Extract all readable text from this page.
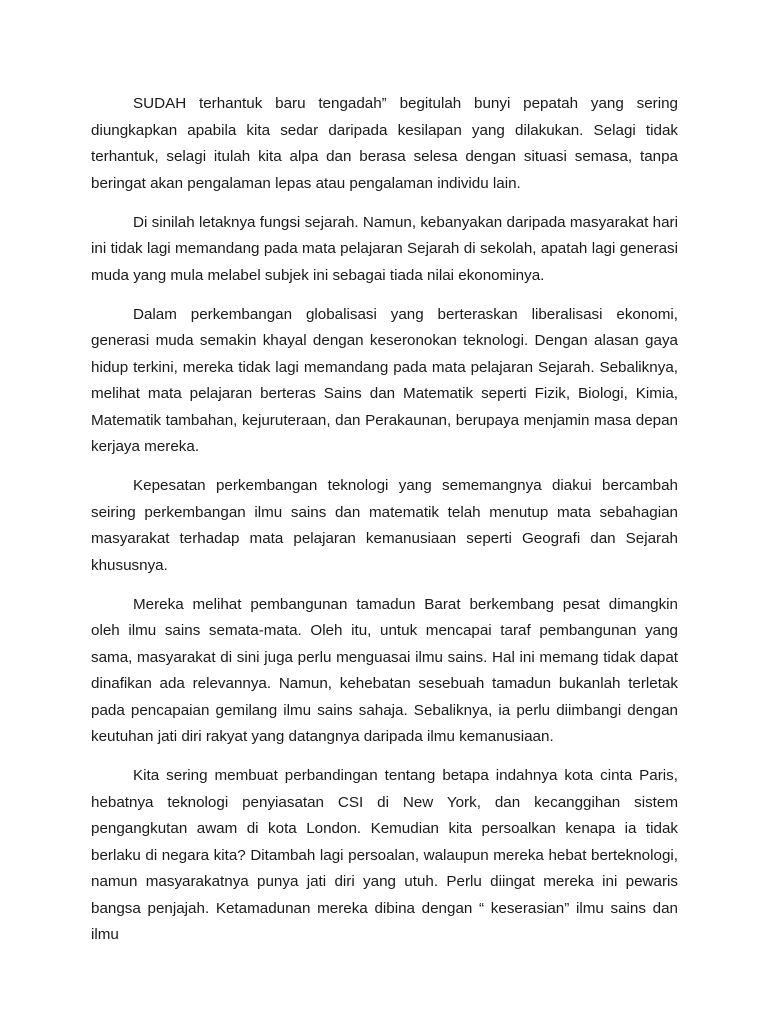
SUDAH terhantuk baru tengadah” begitulah bunyi pepatah yang sering diungkapkan apabila kita sedar daripada kesilapan yang dilakukan. Selagi tidak terhantuk, selagi itulah kita alpa dan berasa selesa dengan situasi semasa, tanpa beringat akan pengalaman lepas atau pengalaman individu lain.

Di sinilah letaknya fungsi sejarah. Namun, kebanyakan daripada masyarakat hari ini tidak lagi memandang pada mata pelajaran Sejarah di sekolah, apatah lagi generasi muda yang mula melabel subjek ini sebagai tiada nilai ekonominya.

Dalam perkembangan globalisasi yang berteraskan liberalisasi ekonomi, generasi muda semakin khayal dengan keseronokan teknologi. Dengan alasan gaya hidup terkini, mereka tidak lagi memandang pada mata pelajaran Sejarah. Sebaliknya, melihat mata pelajaran berteras Sains dan Matematik seperti Fizik, Biologi, Kimia, Matematik tambahan, kejuruteraan, dan Perakaunan, berupaya menjamin masa depan kerjaya mereka.

Kepesatan perkembangan teknologi yang sememangnya diakui bercambah seiring perkembangan ilmu sains dan matematik telah menutup mata sebahagian masyarakat terhadap mata pelajaran kemanusiaan seperti Geografi dan Sejarah khususnya.

Mereka melihat pembangunan tamadun Barat berkembang pesat dimangkin oleh ilmu sains semata-mata. Oleh itu, untuk mencapai taraf pembangunan yang sama, masyarakat di sini juga perlu menguasai ilmu sains. Hal ini memang tidak dapat dinafikan ada relevannya. Namun, kehebatan sesebuah tamadun bukanlah terletak pada pencapaian gemilang ilmu sains sahaja. Sebaliknya, ia perlu diimbangi dengan keutuhan jati diri rakyat yang datangnya daripada ilmu kemanusiaan.

Kita sering membuat perbandingan tentang betapa indahnya kota cinta Paris, hebatnya teknologi penyiasatan CSI di New York, dan kecanggihan sistem pengangkutan awam di kota London. Kemudian kita persoalkan kenapa ia tidak berlaku di negara kita? Ditambah lagi persoalan, walaupun mereka hebat berteknologi, namun masyarakatnya punya jati diri yang utuh. Perlu diingat mereka ini pewaris bangsa penjajah. Ketamadunan mereka dibina dengan “ keserasian” ilmu sains dan ilmu
